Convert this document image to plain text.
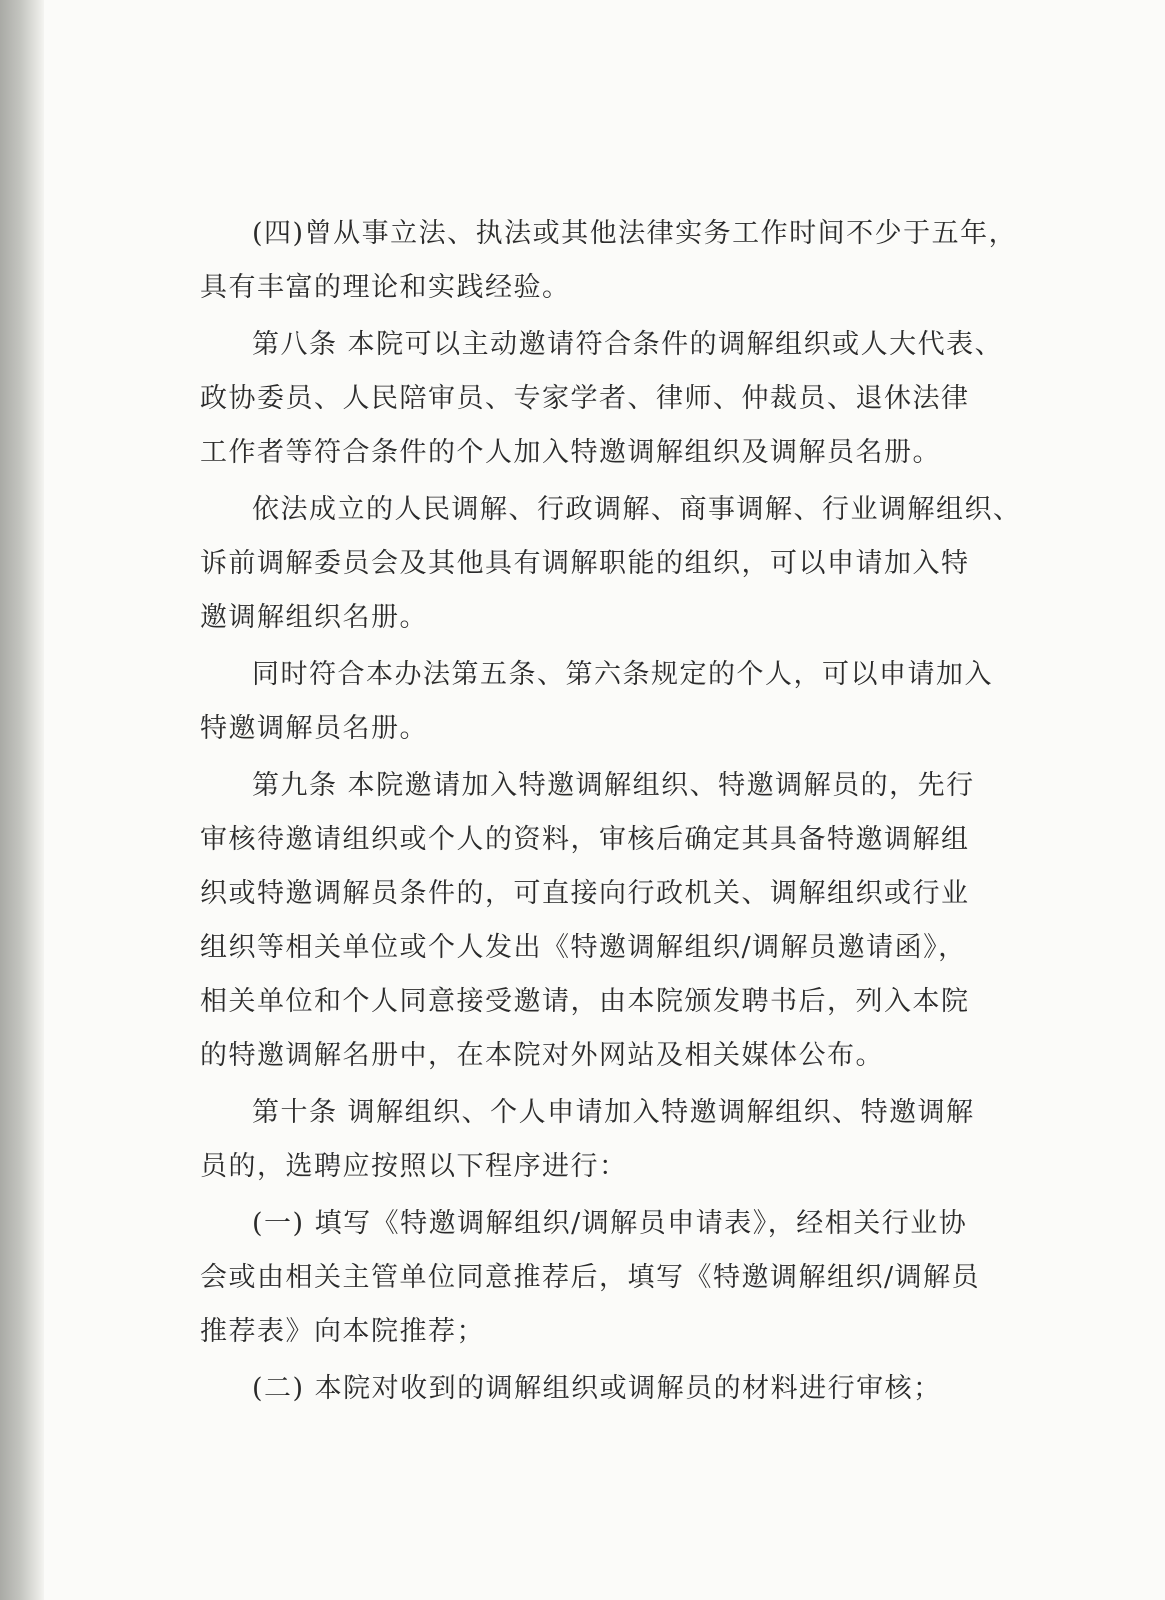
(四)曾从事立法、执法或其他法律实务工作时间不少于五年，
具有丰富的理论和实践经验。
第八条 本院可以主动邀请符合条件的调解组织或人大代表、
政协委员、人民陪审员、专家学者、律师、仲裁员、退休法律
工作者等符合条件的个人加入特邀调解组织及调解员名册。
依法成立的人民调解、行政调解、商事调解、行业调解组织、
诉前调解委员会及其他具有调解职能的组织，可以申请加入特
邀调解组织名册。
同时符合本办法第五条、第六条规定的个人，可以申请加入
特邀调解员名册。
第九条 本院邀请加入特邀调解组织、特邀调解员的，先行
审核待邀请组织或个人的资料，审核后确定其具备特邀调解组
织或特邀调解员条件的，可直接向行政机关、调解组织或行业
组织等相关单位或个人发出《特邀调解组织/调解员邀请函》，
相关单位和个人同意接受邀请，由本院颁发聘书后，列入本院
的特邀调解名册中，在本院对外网站及相关媒体公布。
第十条 调解组织、个人申请加入特邀调解组织、特邀调解
员的，选聘应按照以下程序进行：
(一) 填写《特邀调解组织/调解员申请表》，经相关行业协
会或由相关主管单位同意推荐后，填写《特邀调解组织/调解员
推荐表》向本院推荐；
(二) 本院对收到的调解组织或调解员的材料进行审核；
